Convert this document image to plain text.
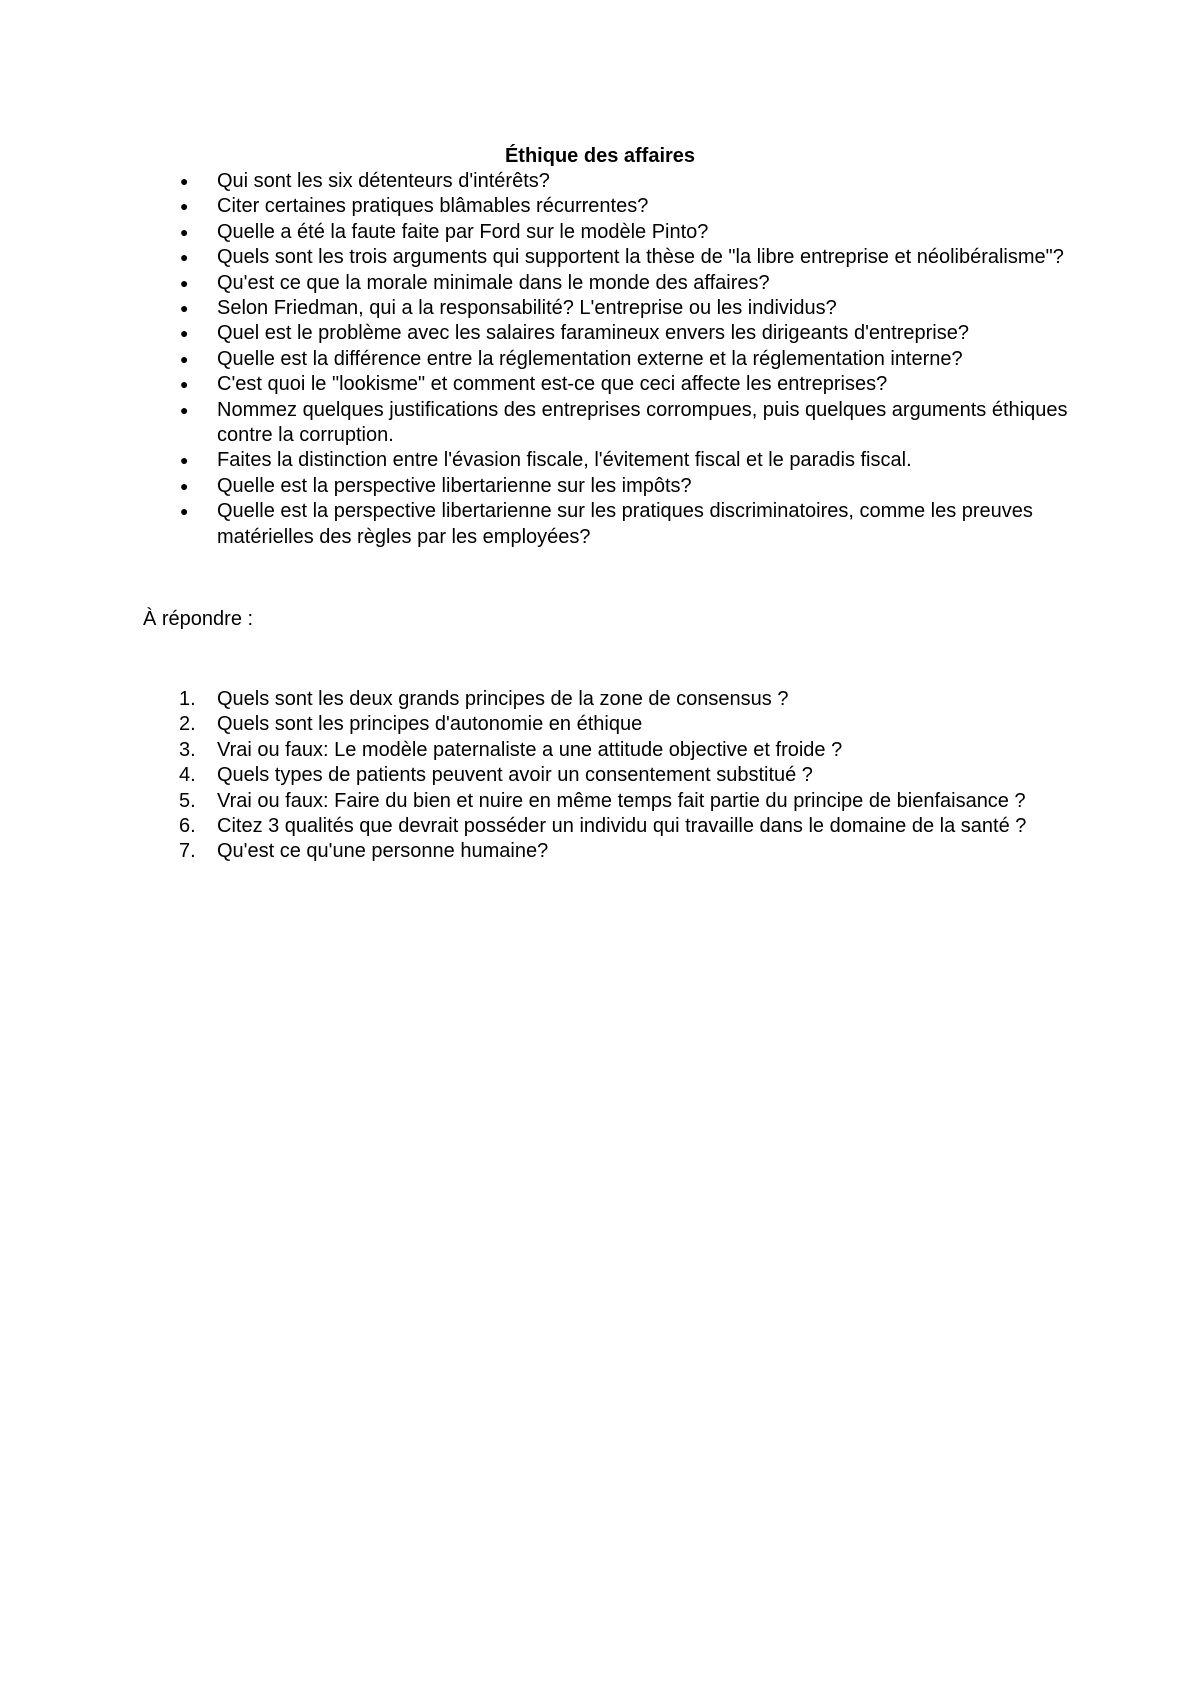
Éthique des affaires
● Qui sont les six détenteurs d'intérêts?
● Citer certaines pratiques blâmables récurrentes?
● Quelle a été la faute faite par Ford sur le modèle Pinto?
● Quels sont les trois arguments qui supportent la thèse de "la libre entreprise et néolibéralisme"?
● Qu'est ce que la morale minimale dans le monde des affaires?
● Selon Friedman, qui a la responsabilité? L'entreprise ou les individus?
● Quel est le problème avec les salaires faramineux envers les dirigeants d'entreprise?
● Quelle est la différence entre la réglementation externe et la réglementation interne?
● C'est quoi le "lookisme" et comment est-ce que ceci affecte les entreprises?
● Nommez quelques justifications des entreprises corrompues, puis quelques arguments éthiques contre la corruption.
● Faites la distinction entre l'évasion fiscale, l'évitement fiscal et le paradis fiscal.
● Quelle est la perspective libertarienne sur les impôts?
● Quelle est la perspective libertarienne sur les pratiques discriminatoires, comme les preuves matérielles des règles par les employées?

À répondre :

1. Quels sont les deux grands principes de la zone de consensus ?
2. Quels sont les principes d'autonomie en éthique
3. Vrai ou faux: Le modèle paternaliste a une attitude objective et froide ?
4. Quels types de patients peuvent avoir un consentement substitué ?
5. Vrai ou faux: Faire du bien et nuire en même temps fait partie du principe de bienfaisance ?
6. Citez 3 qualités que devrait posséder un individu qui travaille dans le domaine de la santé ?
7. Qu'est ce qu'une personne humaine?
